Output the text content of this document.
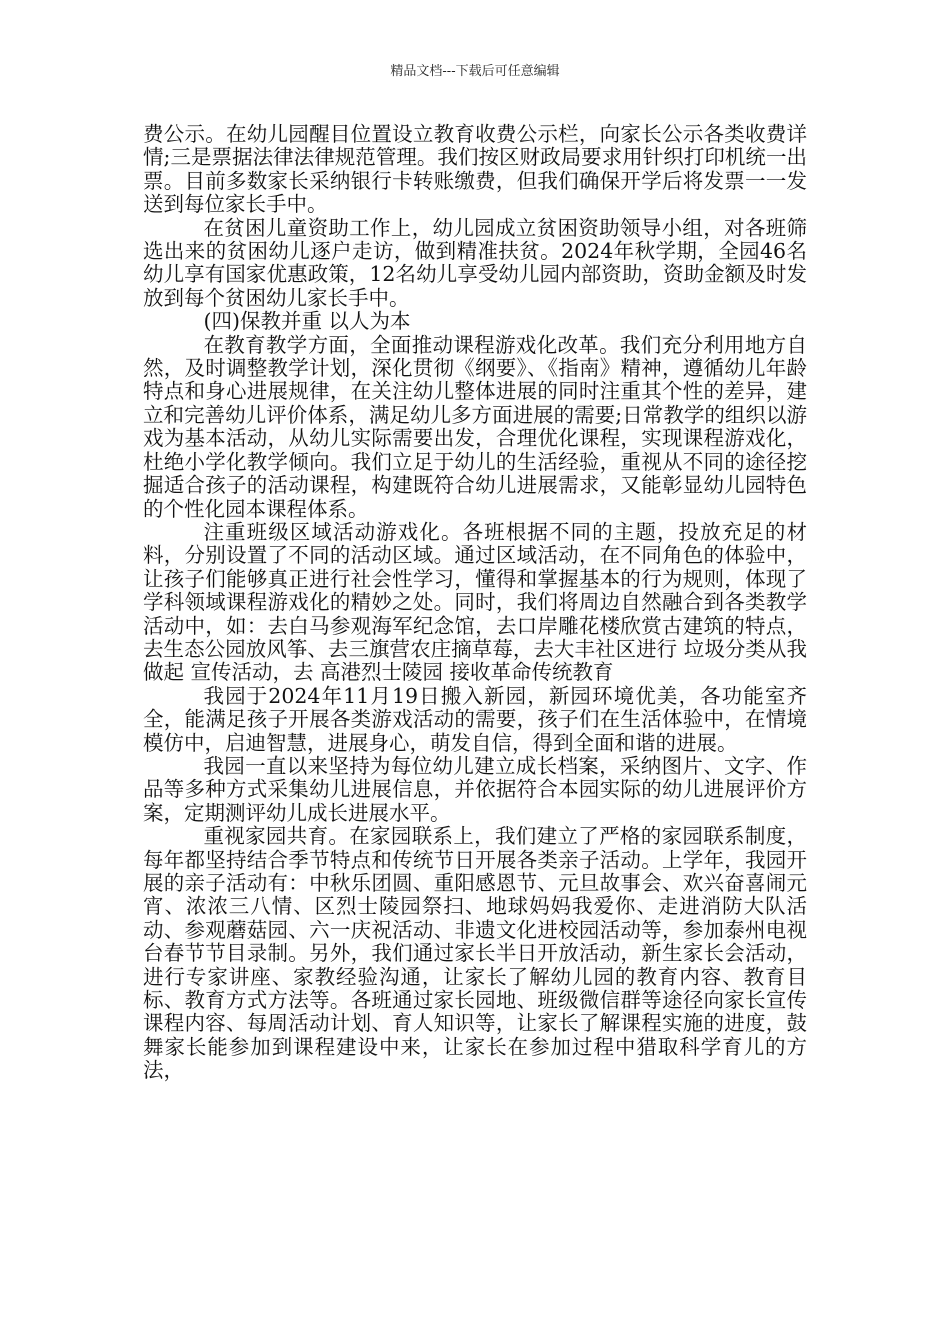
精品文档---下载后可任意编辑

费公示。在幼儿园醒目位置设立教育收费公示栏，向家长公示各类收费详情;三是票据法律法律规范管理。我们按区财政局要求用针织打印机统一出票。目前多数家长采纳银行卡转账缴费，但我们确保开学后将发票一一发送到每位家长手中。

在贫困儿童资助工作上，幼儿园成立贫困资助领导小组，对各班筛选出来的贫困幼儿逐户走访，做到精准扶贫。2024年秋学期，全园46名幼儿享有国家优惠政策，12名幼儿享受幼儿园内部资助，资助金额及时发放到每个贫困幼儿家长手中。

(四)保教并重 以人为本

在教育教学方面，全面推动课程游戏化改革。我们充分利用地方自然，及时调整教学计划，深化贯彻《纲要》、《指南》精神，遵循幼儿年龄特点和身心进展规律，在关注幼儿整体进展的同时注重其个性的差异，建立和完善幼儿评价体系，满足幼儿多方面进展的需要;日常教学的组织以游戏为基本活动，从幼儿实际需要出发，合理优化课程，实现课程游戏化，杜绝小学化教学倾向。我们立足于幼儿的生活经验，重视从不同的途径挖掘适合孩子的活动课程，构建既符合幼儿进展需求，又能彰显幼儿园特色的个性化园本课程体系。

注重班级区域活动游戏化。各班根据不同的主题，投放充足的材料，分别设置了不同的活动区域。通过区域活动，在不同角色的体验中，让孩子们能够真正进行社会性学习，懂得和掌握基本的行为规则，体现了学科领域课程游戏化的精妙之处。同时，我们将周边自然融合到各类教学活动中，如：去白马参观海军纪念馆，去口岸雕花楼欣赏古建筑的特点，去生态公园放风筝、去三旗营农庄摘草莓，去大丰社区进行 垃圾分类从我做起 宣传活动，去 高港烈士陵园 接收革命传统教育

我园于2024年11月19日搬入新园，新园环境优美，各功能室齐全，能满足孩子开展各类游戏活动的需要，孩子们在生活体验中，在情境模仿中，启迪智慧，进展身心，萌发自信，得到全面和谐的进展。

我园一直以来坚持为每位幼儿建立成长档案，采纳图片、文字、作品等多种方式采集幼儿进展信息，并依据符合本园实际的幼儿进展评价方案，定期测评幼儿成长进展水平。

重视家园共育。在家园联系上，我们建立了严格的家园联系制度，每年都坚持结合季节特点和传统节日开展各类亲子活动。上学年，我园开展的亲子活动有：中秋乐团圆、重阳感恩节、元旦故事会、欢兴奋喜闹元宵、浓浓三八情、区烈士陵园祭扫、地球妈妈我爱你、走进消防大队活动、参观蘑菇园、六一庆祝活动、非遗文化进校园活动等，参加泰州电视台春节节目录制。另外，我们通过家长半日开放活动，新生家长会活动，进行专家讲座、家教经验沟通，让家长了解幼儿园的教育内容、教育目标、教育方式方法等。各班通过家长园地、班级微信群等途径向家长宣传课程内容、每周活动计划、育人知识等，让家长了解课程实施的进度，鼓舞家长能参加到课程建设中来，让家长在参加过程中猎取科学育儿的方法，
